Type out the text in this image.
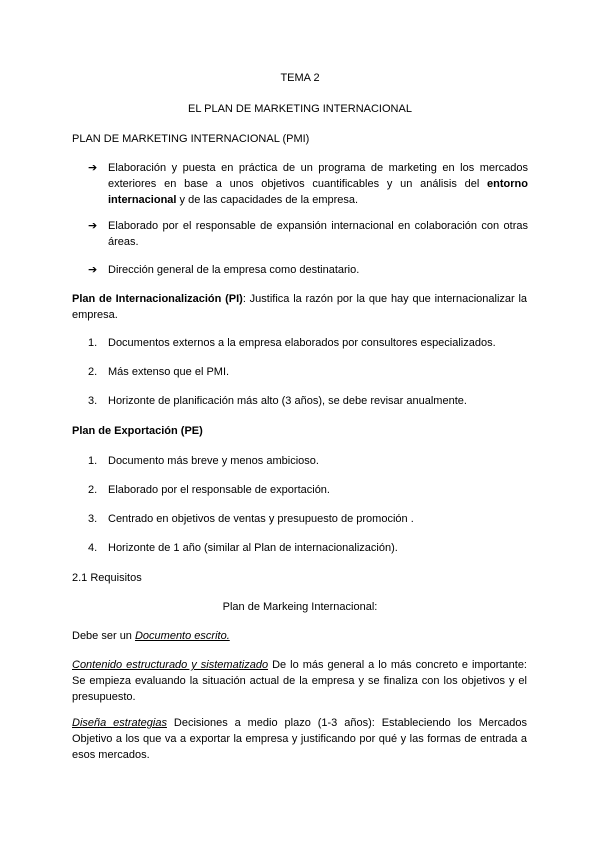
TEMA 2
EL PLAN DE MARKETING INTERNACIONAL
PLAN DE MARKETING INTERNACIONAL (PMI)
➔ Elaboración y puesta en práctica de un programa de marketing en los mercados exteriores en base a unos objetivos cuantificables y un análisis del entorno internacional y de las capacidades de la empresa.
➔ Elaborado por el responsable de expansión internacional en colaboración con otras áreas.
➔ Dirección general de la empresa como destinatario.
Plan de Internacionalización (PI): Justifica la razón por la que hay que internacionalizar la empresa.
1. Documentos externos a la empresa elaborados por consultores especializados.
2. Más extenso que el PMI.
3. Horizonte de planificación más alto (3 años), se debe revisar anualmente.
Plan de Exportación (PE)
1. Documento más breve y menos ambicioso.
2. Elaborado por el responsable de exportación.
3. Centrado en objetivos de ventas y presupuesto de promoción .
4. Horizonte de 1 año (similar al Plan de internacionalización).
2.1 Requisitos
Plan de Markeing Internacional:
Debe ser un Documento escrito.
Contenido estructurado y sistematizado De lo más general a lo más concreto e importante: Se empieza evaluando la situación actual de la empresa y se finaliza con los objetivos y el presupuesto.
Diseña estrategias Decisiones a medio plazo (1-3 años): Estableciendo los Mercados Objetivo a los que va a exportar la empresa y justificando por qué y las formas de entrada a esos mercados.
